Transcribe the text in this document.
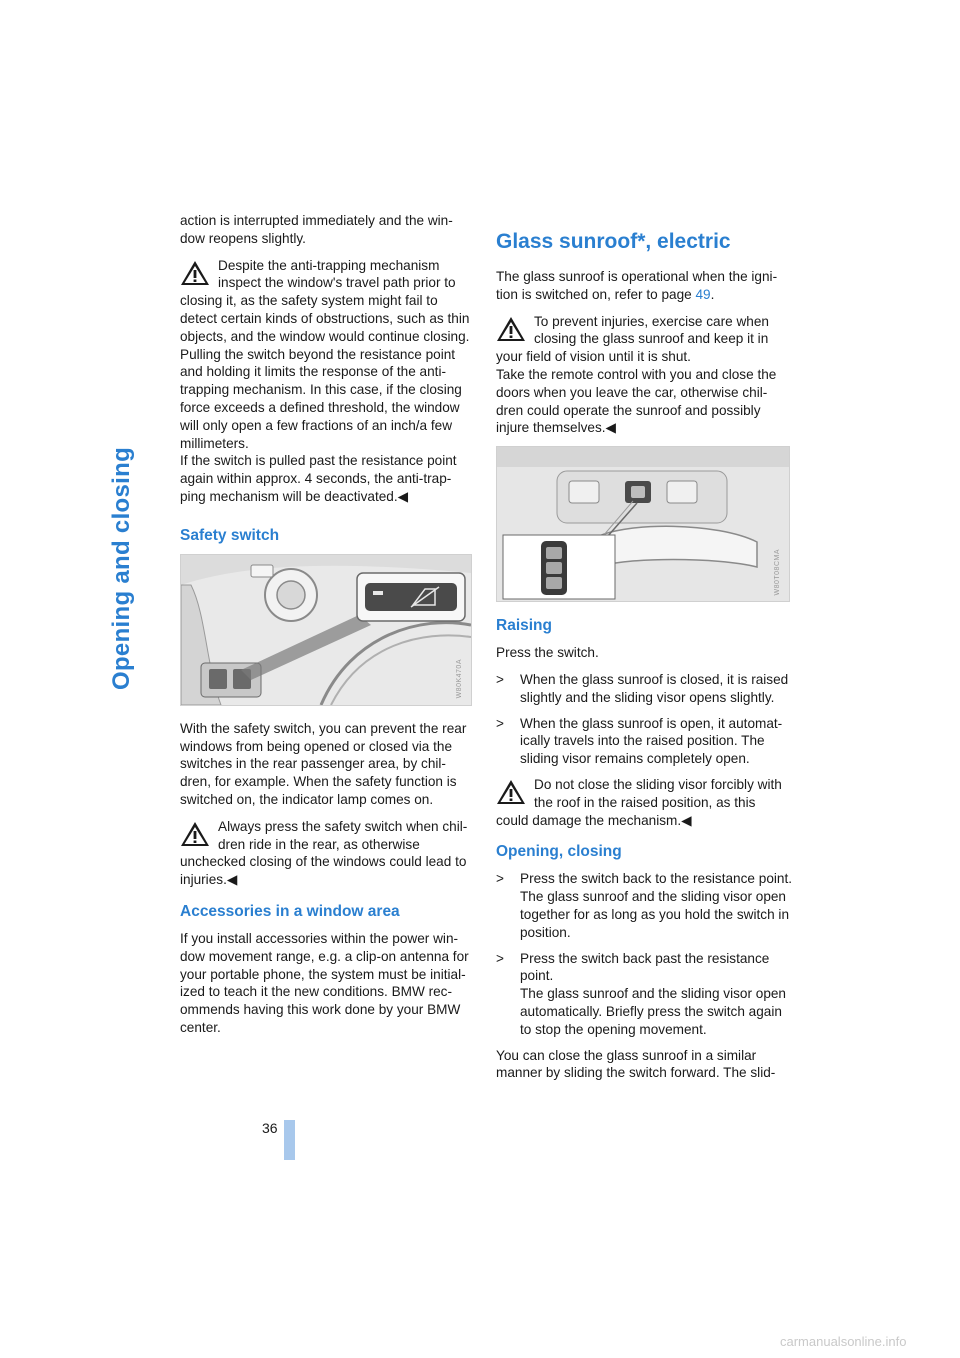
Opening and closing

action is interrupted immediately and the win-dow reopens slightly.

Despite the anti-trapping mechanism inspect the window's travel path prior to
closing it, as the safety system might fail to detect certain kinds of obstructions, such as thin objects, and the window would continue closing.
Pulling the switch beyond the resistance point and holding it limits the response of the anti-trapping mechanism. In this case, if the closing force exceeds a defined threshold, the window will only open a few fractions of an inch/a few millimeters.
If the switch is pulled past the resistance point again within approx. 4 seconds, the anti-trap-ping mechanism will be deactivated.◀
Safety switch
W80K470A

With the safety switch, you can prevent the rear windows from being opened or closed via the switches in the rear passenger area, by chil-dren, for example. When the safety function is switched on, the indicator lamp comes on.

Always press the safety switch when chil-dren ride in the rear, as otherwise
unchecked closing of the windows could lead to injuries.◀
Accessories in a window area

If you install accessories within the power win-dow movement range, e.g. a clip-on antenna for your portable phone, the system must be initial-ized to teach it the new conditions. BMW rec-ommends having this work done by your BMW center.

Glass sunroof*, electric

The glass sunroof is operational when the igni-tion is switched on, refer to page 49.

To prevent injuries, exercise care when closing the glass sunroof and keep it in
your field of vision until it is shut.
Take the remote control with you and close the doors when you leave the car, otherwise chil-dren could operate the sunroof and possibly injure themselves.◀
W80T08CMA
Raising

Press the switch.

>	When the glass sunroof is closed, it is raised slightly and the sliding visor opens slightly.
>	When the glass sunroof is open, it automat-ically travels into the raised position. The sliding visor remains completely open.
Do not close the sliding visor forcibly with the roof in the raised position, as this
could damage the mechanism.◀
Opening, closing
>	Press the switch back to the resistance point.
The glass sunroof and the sliding visor open together for as long as you hold the switch in position.
>	Press the switch back past the resistance point.
The glass sunroof and the sliding visor open automatically. Briefly press the switch again to stop the opening movement.

You can close the glass sunroof in a similar manner by sliding the switch forward. The slid-

36
carmanualsonline.info
